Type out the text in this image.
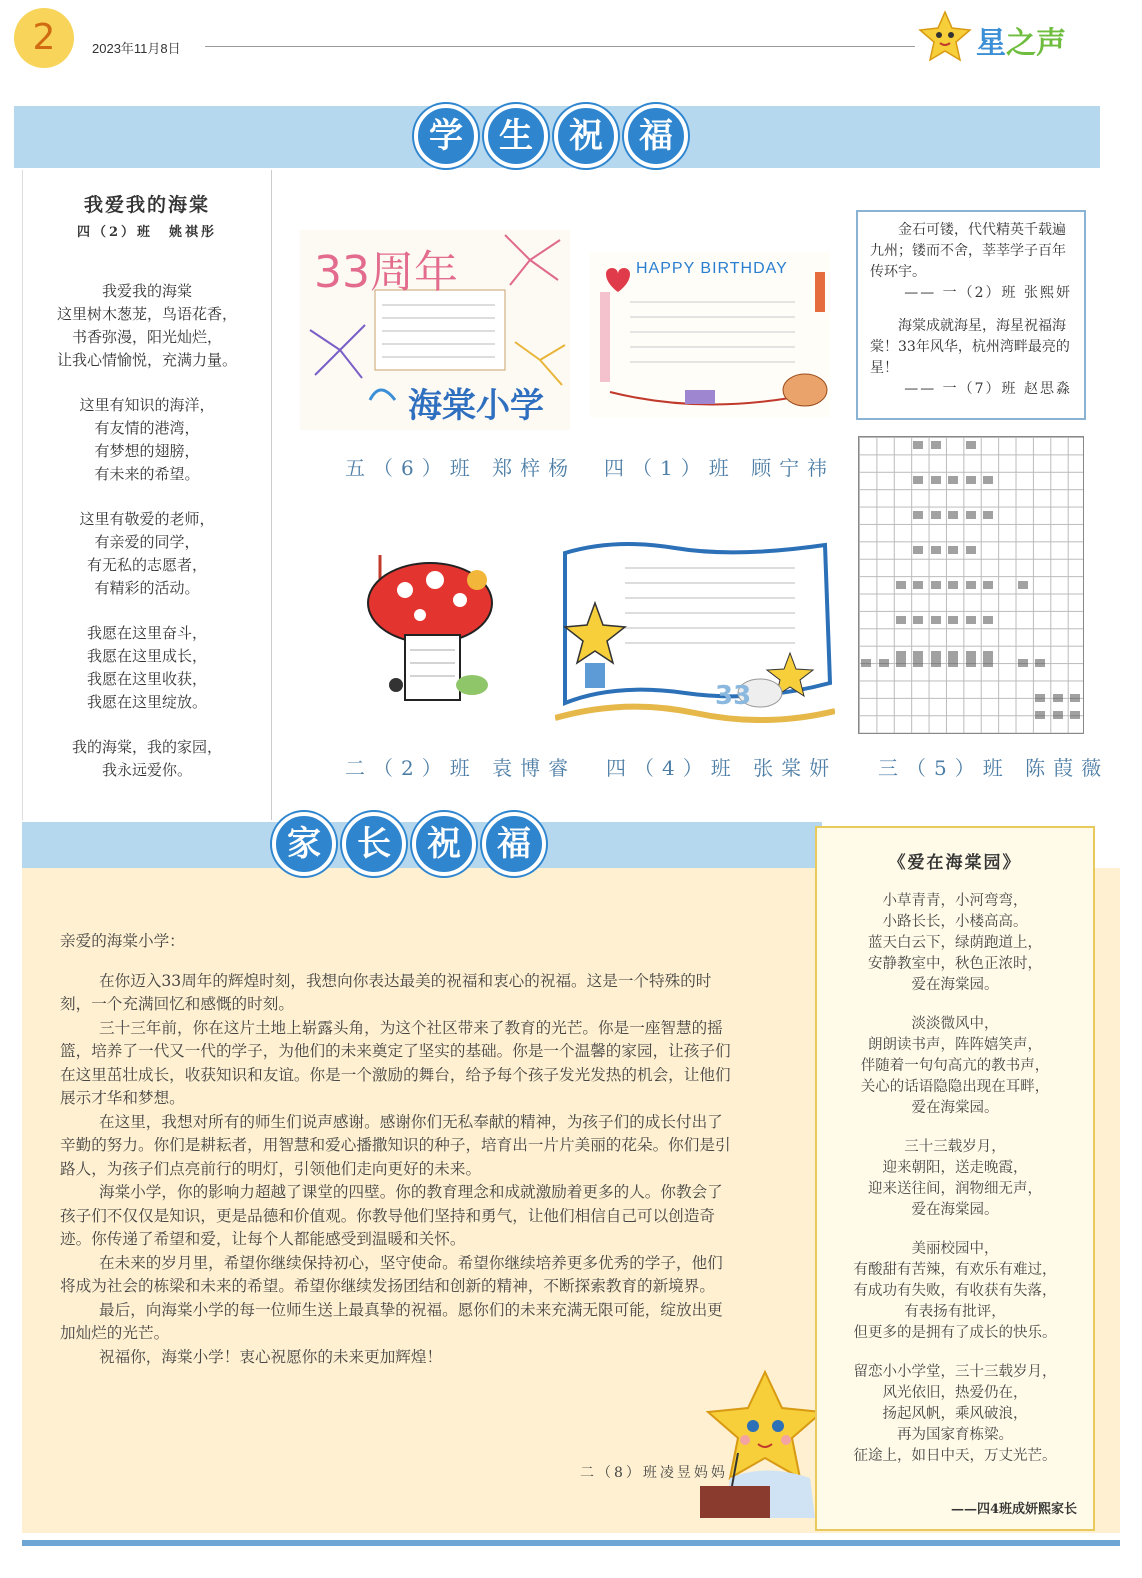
2	2023年11月8日	星之声
学	生	祝	福
我爱我的海棠
四（2）班　姚祺彤
我爱我的海棠
这里树木葱茏，鸟语花香，
书香弥漫，阳光灿烂，
让我心情愉悦，充满力量。
这里有知识的海洋，
有友情的港湾，
有梦想的翅膀，
有未来的希望。
这里有敬爱的老师，
有亲爱的同学，
有无私的志愿者，
有精彩的活动。
我愿在这里奋斗，
我愿在这里成长，
我愿在这里收获，
我愿在这里绽放。
我的海棠，我的家园，
我永远爱你。
33周年
海棠小学
HAPPY BIRTHDAY
五（6）班 郑梓杨 四（1）班 顾宁祎

金石可镂，代代精英千载遍九州；镂而不舍，莘莘学子百年传环宇。

—— 一（2）班 张熙妍

海棠成就海星，海星祝福海棠！33年风华，杭州湾畔最亮的星！

—— 一（7）班 赵思淼
33
二（2）班 袁博睿 四（4）班 张棠妍 三（5）班 陈葭薇
家	长	祝	福

亲爱的海棠小学：

在你迈入33周年的辉煌时刻，我想向你表达最美的祝福和衷心的祝福。这是一个特殊的时刻，一个充满回忆和感慨的时刻。

三十三年前，你在这片土地上崭露头角，为这个社区带来了教育的光芒。你是一座智慧的摇篮，培养了一代又一代的学子，为他们的未来奠定了坚实的基础。你是一个温馨的家园，让孩子们在这里茁壮成长，收获知识和友谊。你是一个激励的舞台，给予每个孩子发光发热的机会，让他们展示才华和梦想。

在这里，我想对所有的师生们说声感谢。感谢你们无私奉献的精神，为孩子们的成长付出了辛勤的努力。你们是耕耘者，用智慧和爱心播撒知识的种子，培育出一片片美丽的花朵。你们是引路人，为孩子们点亮前行的明灯，引领他们走向更好的未来。

海棠小学，你的影响力超越了课堂的四壁。你的教育理念和成就激励着更多的人。你教会了孩子们不仅仅是知识，更是品德和价值观。你教导他们坚持和勇气，让他们相信自己可以创造奇迹。你传递了希望和爱，让每个人都能感受到温暖和关怀。

在未来的岁月里，希望你继续保持初心，坚守使命。希望你继续培养更多优秀的学子，他们将成为社会的栋梁和未来的希望。希望你继续发扬团结和创新的精神，不断探索教育的新境界。

最后，向海棠小学的每一位师生送上最真挚的祝福。愿你们的未来充满无限可能，绽放出更加灿烂的光芒。

祝福你，海棠小学！衷心祝愿你的未来更加辉煌！

二（8）班凌昱妈妈
《爱在海棠园》
小草青青，小河弯弯，
小路长长，小楼高高。
蓝天白云下，绿荫跑道上，
安静教室中，秋色正浓时，
爱在海棠园。
淡淡微风中，
朗朗读书声，阵阵嬉笑声，
伴随着一句句高亢的教书声，
关心的话语隐隐出现在耳畔，
爱在海棠园。
三十三载岁月，
迎来朝阳，送走晚霞，
迎来送往间，润物细无声，
爱在海棠园。
美丽校园中，
有酸甜有苦辣，有欢乐有难过，
有成功有失败，有收获有失落，
有表扬有批评，
但更多的是拥有了成长的快乐。
留恋小小学堂，三十三载岁月，
风光依旧，热爱仍在，
扬起风帆，乘风破浪，
再为国家育栋梁。
征途上，如日中天，万丈光芒。
——四4班成妍熙家长
